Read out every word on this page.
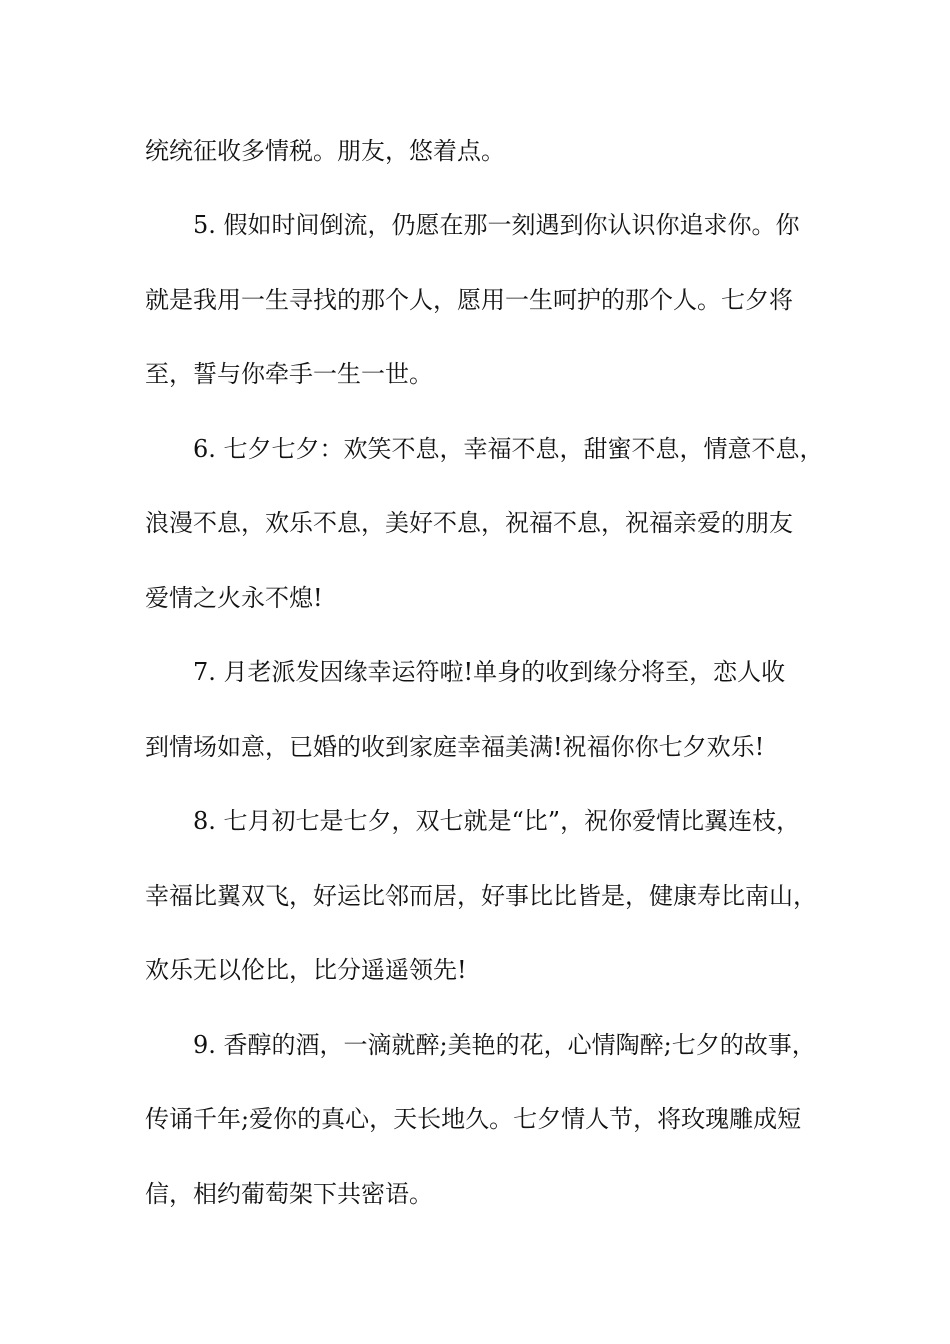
统统征收多情税。朋友，悠着点。
5. 假如时间倒流，仍愿在那一刻遇到你认识你追求你。你
就是我用一生寻找的那个人，愿用一生呵护的那个人。七夕将
至，誓与你牵手一生一世。
6. 七夕七夕：欢笑不息，幸福不息，甜蜜不息，情意不息，
浪漫不息，欢乐不息，美好不息，祝福不息，祝福亲爱的朋友
爱情之火永不熄!
7. 月老派发因缘幸运符啦!单身的收到缘分将至，恋人收
到情场如意，已婚的收到家庭幸福美满!祝福你你七夕欢乐!
8. 七月初七是七夕，双七就是“比”，祝你爱情比翼连枝，
幸福比翼双飞，好运比邻而居，好事比比皆是，健康寿比南山，
欢乐无以伦比，比分遥遥领先!
9. 香醇的酒，一滴就醉;美艳的花，心情陶醉;七夕的故事，
传诵千年;爱你的真心，天长地久。七夕情人节，将玫瑰雕成短
信，相约葡萄架下共密语。
